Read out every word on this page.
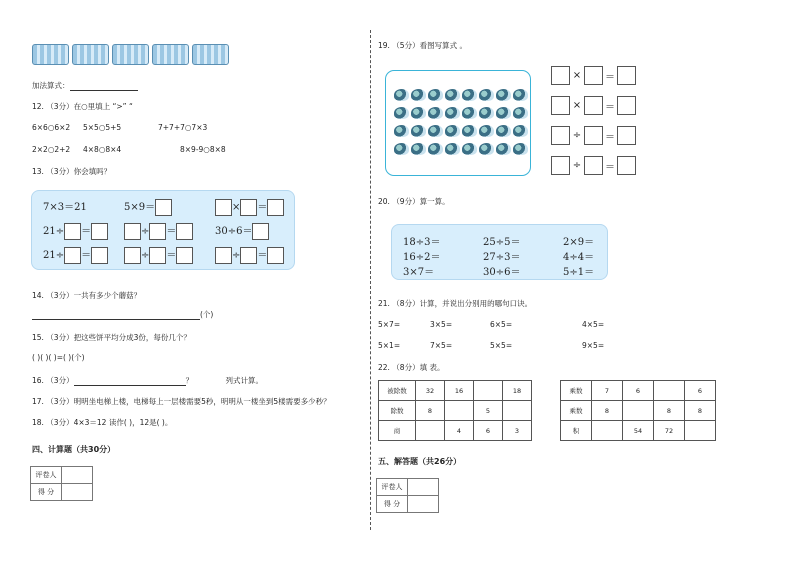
加法算式：
12. （3分）在○里填上 “>” “
6×6○6×2 5×5○5+5	7+7+7○7×3
2×2○2+2 4×8○8×4	8×9-9○8×8
13. （3分）你会填吗？
7×3＝21	5×9＝	× ＝
21÷ ＝	÷ ＝	30÷6＝
21÷ ＝	÷ ＝	÷ ＝
14. （3分）一共有多少个蘑菇？
(个)
15. （3分）把这些饼平均分成3份，每份几个？
( )( )( )=( )(个)
16. （3分）	？	列式计算。
17. （3分）明明坐电梯上楼，电梯每上一层楼需要5秒，明明从一楼坐到5楼需要多少秒？
18. （3分）4×3＝12 读作( )，12是( )。
四、计算题（共30分）
评卷人	
得 分	
19. （5分）看图写算式 。
× ＝
× ＝
÷ ＝
÷ ＝
20. （9分）算一算。
18÷3＝	25÷5＝	2×9＝
16÷2＝	27÷3＝	4÷4＝
3×7＝	30÷6＝	5÷1＝
21. （8分）计算，并说出分别用的哪句口诀。
5×7=	3×5=	6×5=	4×5=
5×1=	7×5=	5×5=	9×5=
22. （8分）填 表。
被除数	32	16		18
除数	8		5	
商		4	6	3
乘数	7	6		6
乘数	8		8	8
积		54	72	
五、解答题（共26分）
评卷人	
得 分	
